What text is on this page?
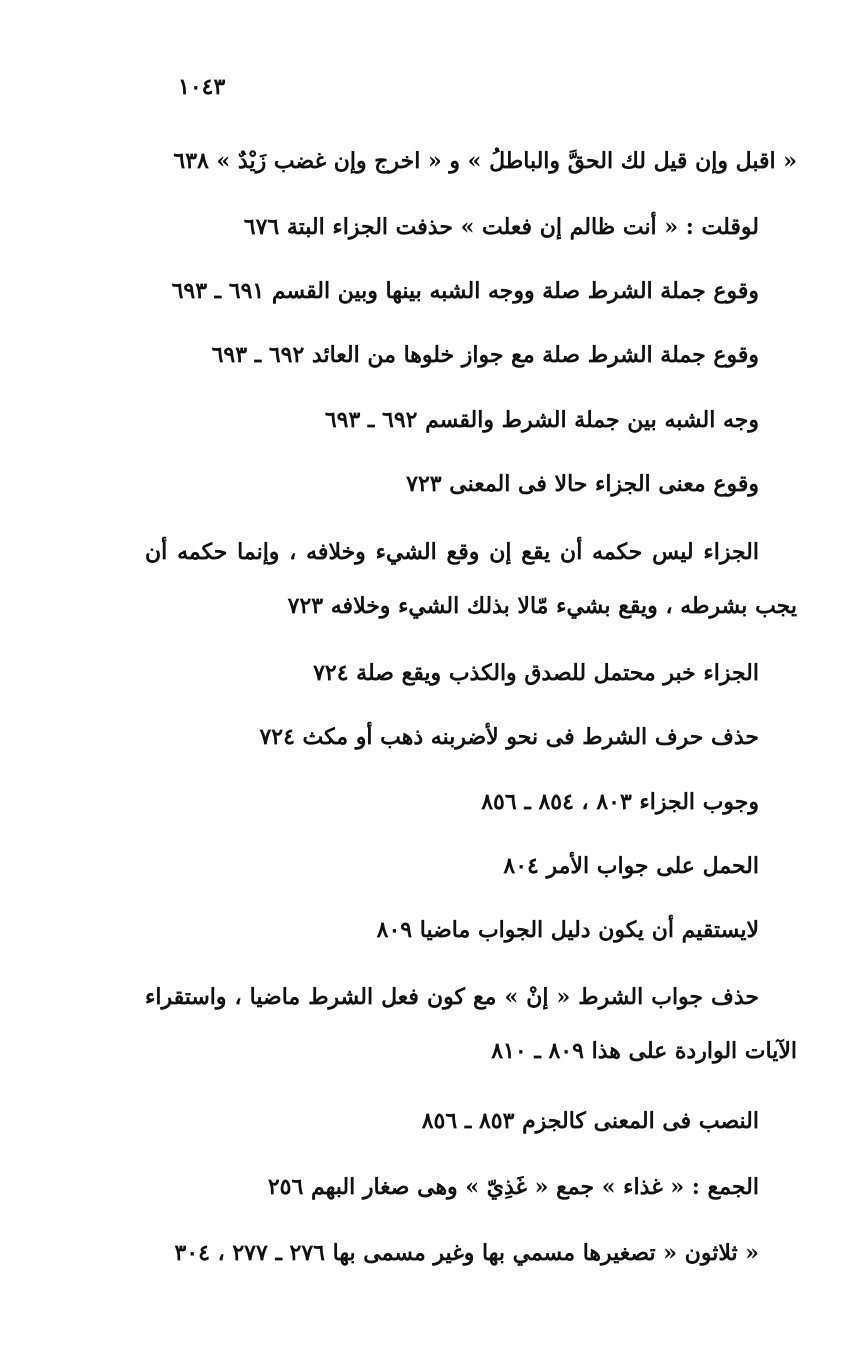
١٠٤٣
« اقبل وإن قيل لك الحقَّ والباطلُ » و « اخرج وإن غضب زَيْدٌ » ٦٣٨
لوقلت : « أنت ظالم إن فعلت » حذفت الجزاء البتة ٦٧٦
وقوع جملة الشرط صلة ووجه الشبه بينها وبين القسم ٦٩١ ـ ٦٩٣
وقوع جملة الشرط صلة مع جواز خلوها من العائد ٦٩٢ ـ ٦٩٣
وجه الشبه بين جملة الشرط والقسم ٦٩٢ ـ ٦٩٣
وقوع معنى الجزاء حالا فى المعنى ٧٢٣
الجزاء ليس حكمه أن يقع إن وقع الشيء وخلافه ، وإنما حكمه أن يجب بشرطه ، ويقع بشيء مّالا بذلك الشيء وخلافه ٧٢٣
الجزاء خبر محتمل للصدق والكذب ويقع صلة ٧٢٤
حذف حرف الشرط فى نحو لأضربنه ذهب أو مكث ٧٢٤
وجوب الجزاء ٨٠٣ ، ٨٥٤ ـ ٨٥٦
الحمل على جواب الأمر ٨٠٤
لايستقيم أن يكون دليل الجواب ماضيا ٨٠٩
حذف جواب الشرط « إنْ » مع كون فعل الشرط ماضيا ، واستقراء الآيات الواردة على هذا ٨٠٩ ـ ٨١٠
النصب فى المعنى كالجزم ٨٥٣ ـ ٨٥٦
الجمع : « غذاء » جمع « غَذِيّ » وهى صغار البهم ٢٥٦
« ثلاثون « تصغيرها مسمي بها وغير مسمى بها ٢٧٦ ـ ٢٧٧ ، ٣٠٤
